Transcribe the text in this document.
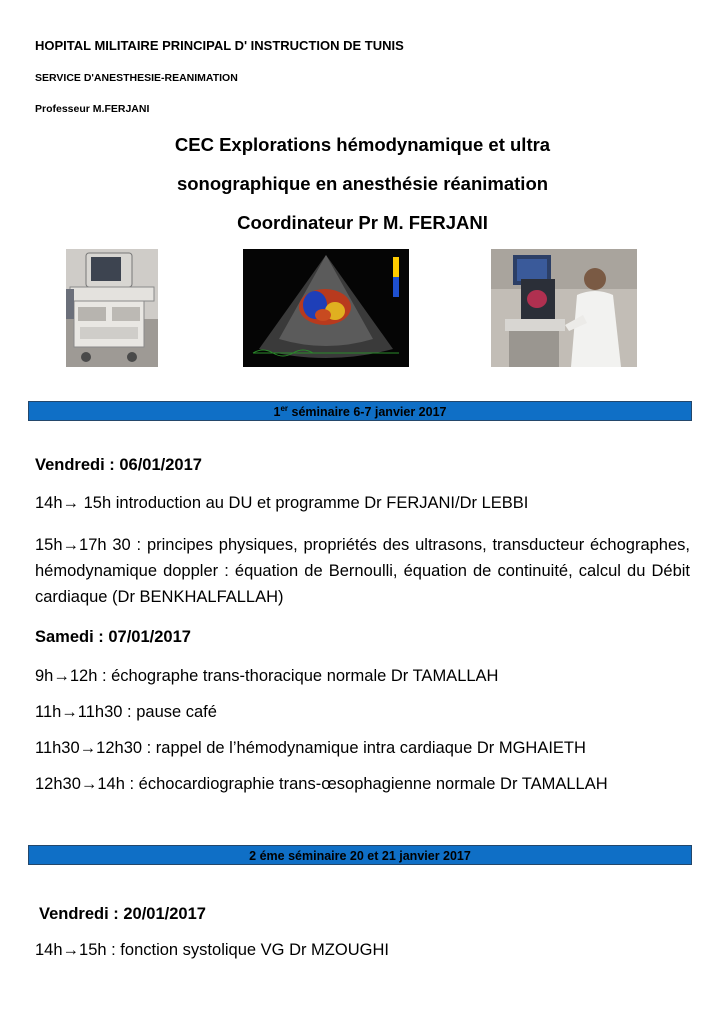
HOPITAL MILITAIRE PRINCIPAL D' INSTRUCTION DE TUNIS
SERVICE D'ANESTHESIE-REANIMATION
Professeur M.FERJANI
CEC Explorations hémodynamique et ultra
sonographique en anesthésie réanimation
Coordinateur Pr M. FERJANI
1er séminaire 6-7 janvier 2017
Vendredi : 06/01/2017
14h→ 15h introduction au DU et programme Dr FERJANI/Dr LEBBI
15h→17h 30 : principes physiques, propriétés des ultrasons, transducteur échographes, hémodynamique doppler : équation de Bernoulli, équation de continuité, calcul du Débit cardiaque (Dr BENKHALFALLAH)
Samedi : 07/01/2017
9h→12h : échographe trans-thoracique normale Dr TAMALLAH
11h→11h30 : pause café
11h30→12h30 : rappel de l’hémodynamique intra cardiaque Dr MGHAIETH
12h30→14h : échocardiographie trans-œsophagienne normale Dr TAMALLAH
2 éme séminaire 20 et 21 janvier 2017
Vendredi : 20/01/2017
14h→15h : fonction systolique VG Dr MZOUGHI
